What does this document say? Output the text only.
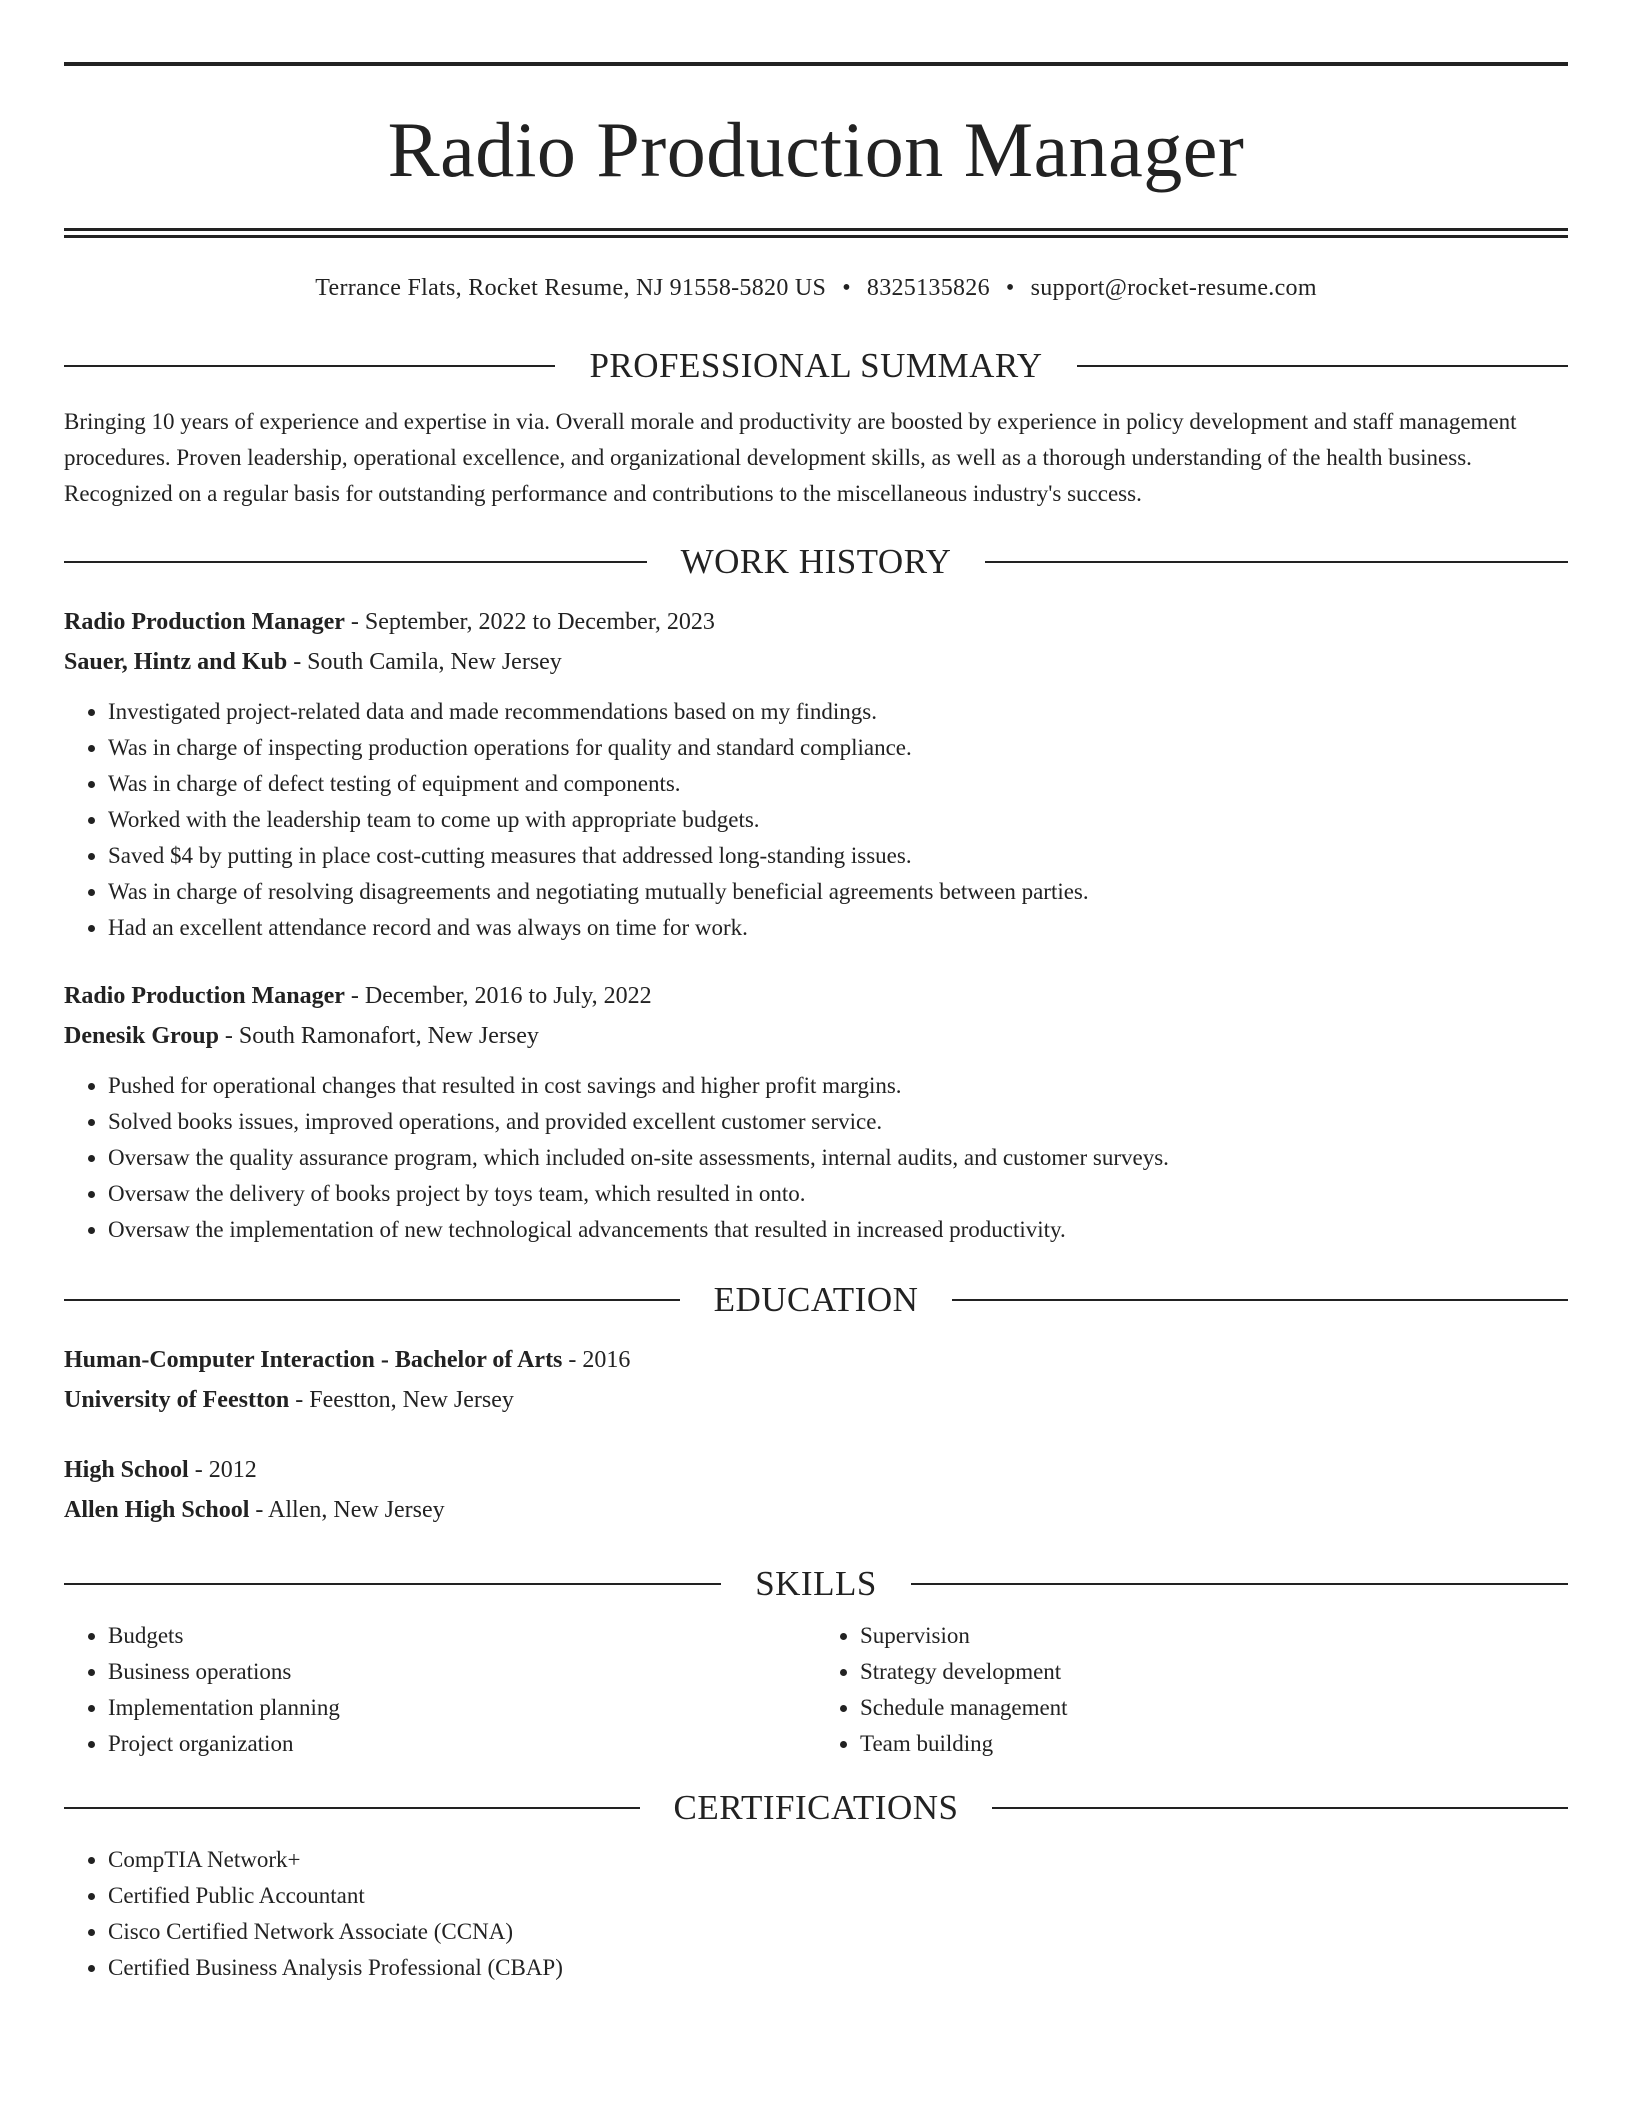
Radio Production Manager
Terrance Flats, Rocket Resume, NJ 91558-5820 US • 8325135826 • support@rocket-resume.com
PROFESSIONAL SUMMARY

Bringing 10 years of experience and expertise in via. Overall morale and productivity are boosted by experience in policy development and staff management procedures. Proven leadership, operational excellence, and organizational development skills, as well as a thorough understanding of the health business. Recognized on a regular basis for outstanding performance and contributions to the miscellaneous industry's success.

WORK HISTORY
Radio Production Manager - September, 2022 to December, 2023
Sauer, Hintz and Kub - South Camila, New Jersey
• Investigated project-related data and made recommendations based on my findings.
• Was in charge of inspecting production operations for quality and standard compliance.
• Was in charge of defect testing of equipment and components.
• Worked with the leadership team to come up with appropriate budgets.
• Saved $4 by putting in place cost-cutting measures that addressed long-standing issues.
• Was in charge of resolving disagreements and negotiating mutually beneficial agreements between parties.
• Had an excellent attendance record and was always on time for work.
Radio Production Manager - December, 2016 to July, 2022
Denesik Group - South Ramonafort, New Jersey
• Pushed for operational changes that resulted in cost savings and higher profit margins.
• Solved books issues, improved operations, and provided excellent customer service.
• Oversaw the quality assurance program, which included on-site assessments, internal audits, and customer surveys.
• Oversaw the delivery of books project by toys team, which resulted in onto.
• Oversaw the implementation of new technological advancements that resulted in increased productivity.
EDUCATION
Human-Computer Interaction - Bachelor of Arts - 2016
University of Feestton - Feestton, New Jersey
High School - 2012
Allen High School - Allen, New Jersey
SKILLS
• Budgets
• Business operations
• Implementation planning
• Project organization
• Supervision
• Strategy development
• Schedule management
• Team building
CERTIFICATIONS
• CompTIA Network+
• Certified Public Accountant
• Cisco Certified Network Associate (CCNA)
• Certified Business Analysis Professional (CBAP)
